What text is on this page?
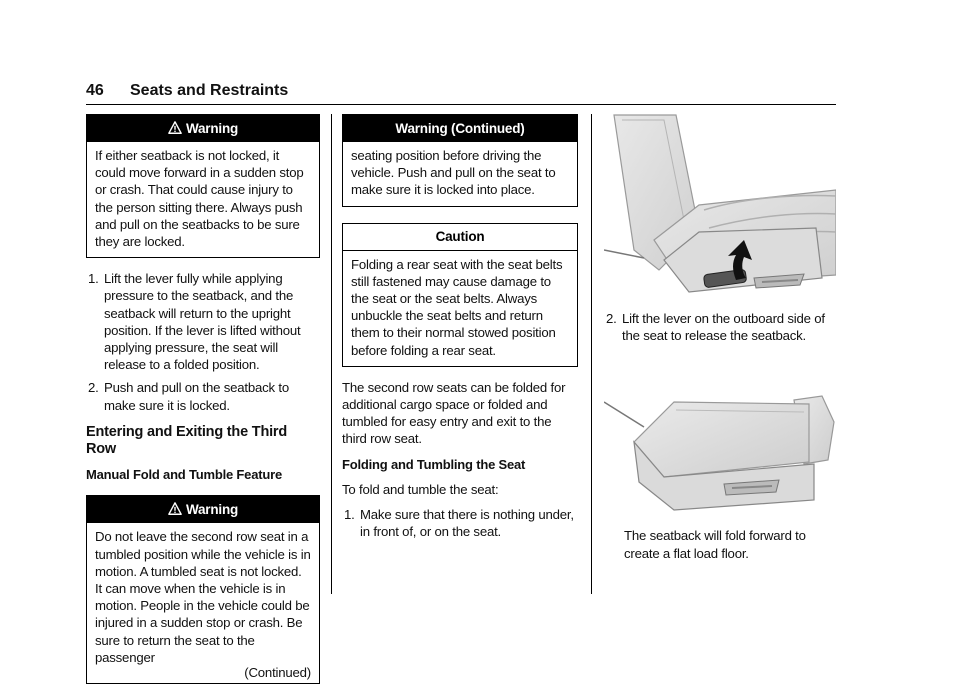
46 Seats and Restraints
Warning
If either seatback is not locked, it could move forward in a sudden stop or crash. That could cause injury to the person sitting there. Always push and pull on the seatbacks to be sure they are locked.
1. Lift the lever fully while applying pressure to the seatback, and the seatback will return to the upright position. If the lever is lifted without applying pressure, the seat will release to a folded position.
2. Push and pull on the seatback to make sure it is locked.
Entering and Exiting the Third Row
Manual Fold and Tumble Feature
Warning
Do not leave the second row seat in a tumbled position while the vehicle is in motion. A tumbled seat is not locked. It can move when the vehicle is in motion. People in the vehicle could be injured in a sudden stop or crash. Be sure to return the seat to the passenger
(Continued)
Warning (Continued)
seating position before driving the vehicle. Push and pull on the seat to make sure it is locked into place.
Caution
Folding a rear seat with the seat belts still fastened may cause damage to the seat or the seat belts. Always unbuckle the seat belts and return them to their normal stowed position before folding a rear seat.

The second row seats can be folded for additional cargo space or folded and tumbled for easy entry and exit to the third row seat.

Folding and Tumbling the Seat

To fold and tumble the seat:

1. Make sure that there is nothing under, in front of, or on the seat.
2. Lift the lever on the outboard side of the seat to release the seatback.
The seatback will fold forward to create a flat load floor.
